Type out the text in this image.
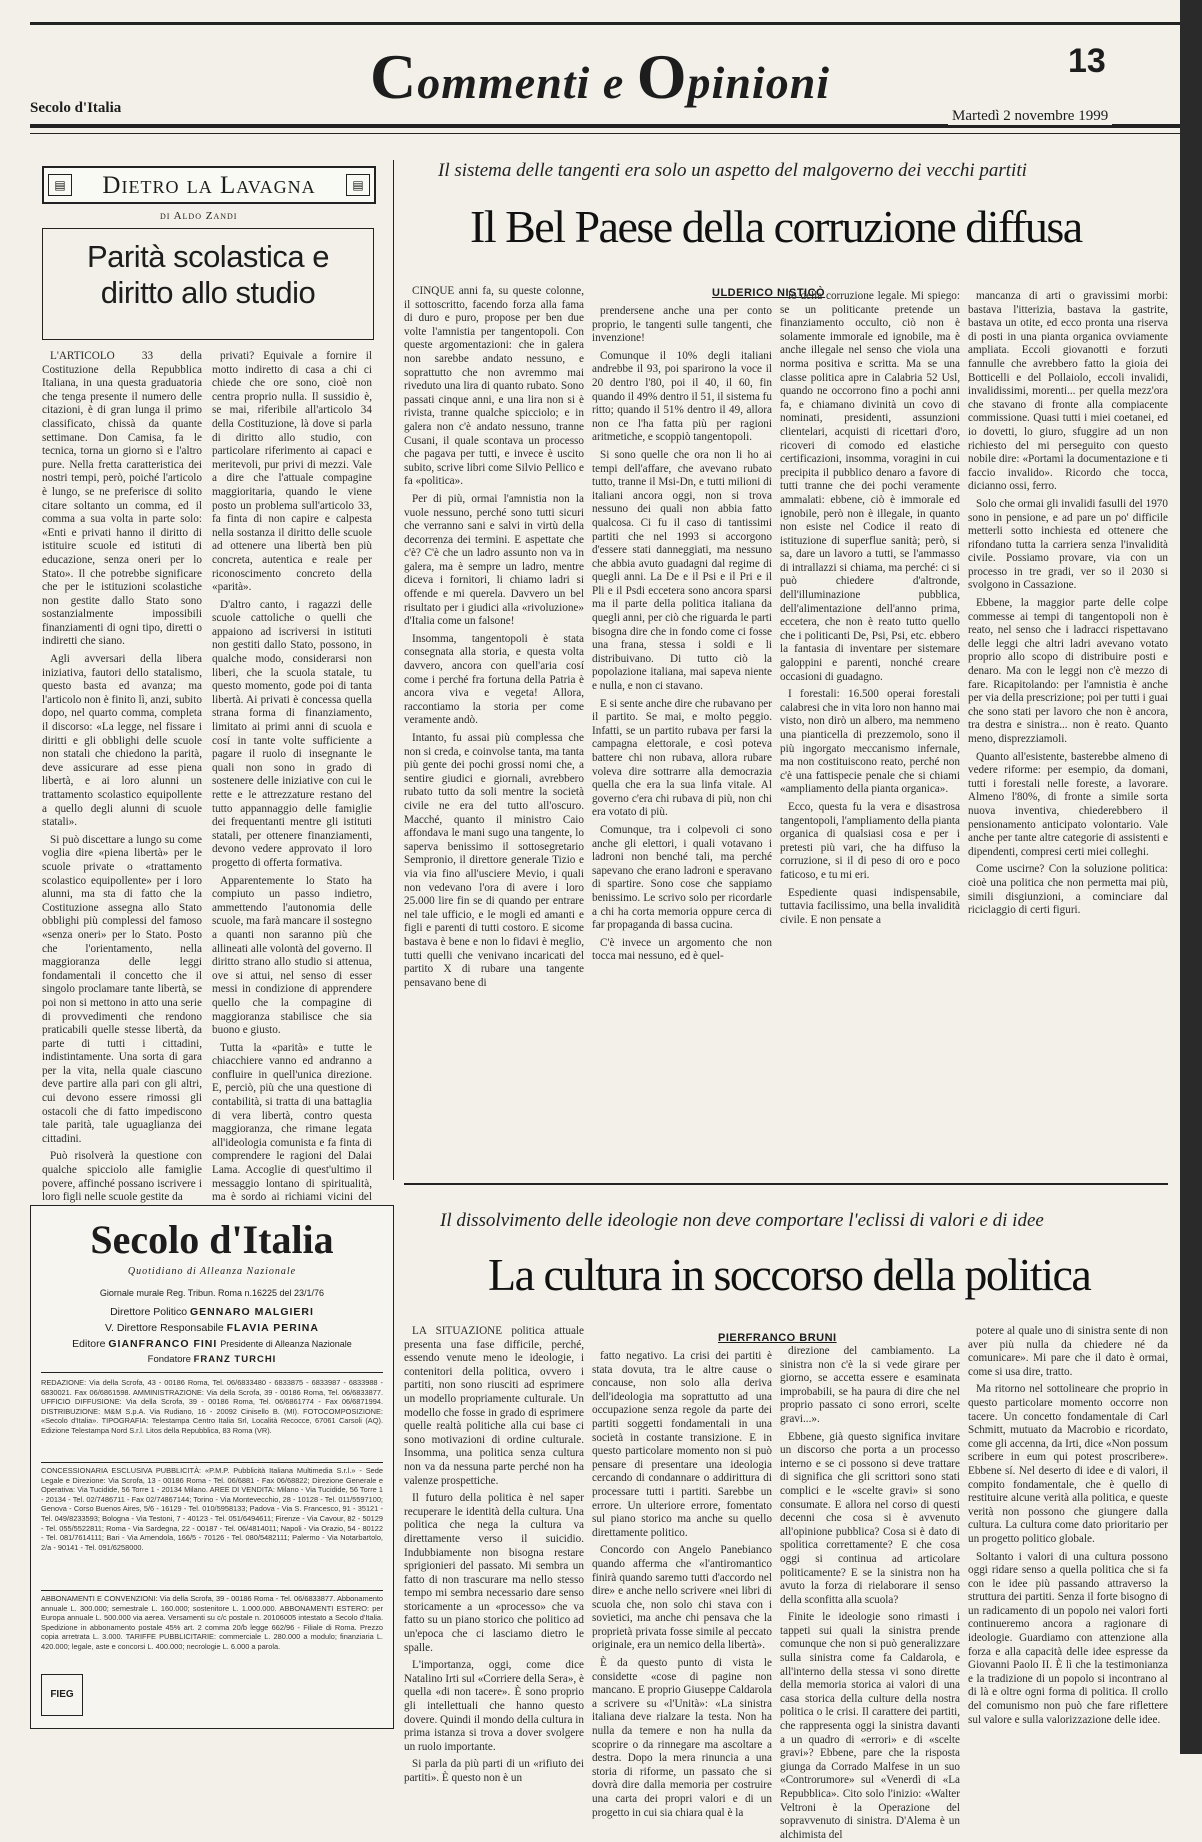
Secolo d'Italia	Commenti e Opinioni	13
Martedì 2 novembre 1999
▤	Dietro la Lavagna	▤
di Aldo Zandi
Parità scolastica e diritto allo studio

L'ARTICOLO 33 della Costituzione della Repubblica Italiana, in una questa graduatoria che tenga presente il numero delle citazioni, è di gran lunga il primo classificato, chissà da quante settimane. Don Camisa, fa le tecnica, torna un giorno sì e l'altro pure. Nella fretta caratteristica dei nostri tempi, però, poiché l'articolo è lungo, se ne preferisce di solito citare soltanto un comma, ed il comma a sua volta in parte solo: «Enti e privati hanno il diritto di istituire scuole ed istituti di educazione, senza oneri per lo Stato». Il che potrebbe significare che per le istituzioni scolastiche non gestite dallo Stato sono sostanzialmente impossibili finanziamenti di ogni tipo, diretti o indiretti che siano.

Agli avversari della libera iniziativa, fautori dello statalismo, questo basta ed avanza; ma l'articolo non è finito lì, anzi, subito dopo, nel quarto comma, completa il discorso: «La legge, nel fissare i diritti e gli obblighi delle scuole non statali che chiedono la parità, deve assicurare ad esse piena libertà, e ai loro alunni un trattamento scolastico equipollente a quello degli alunni di scuole statali».

Si può discettare a lungo su come voglia dire «piena libertà» per le scuole private o «trattamento scolastico equipollente» per i loro alunni, ma sta di fatto che la Costituzione assegna allo Stato obblighi più complessi del famoso «senza oneri» per lo Stato. Posto che l'orientamento, nella maggioranza delle leggi fondamentali il concetto che il singolo proclamare tante libertà, se poi non si mettono in atto una serie di provvedimenti che rendono praticabili quelle stesse libertà, da parte di tutti i cittadini, indistintamente. Una sorta di gara per la vita, nella quale ciascuno deve partire alla pari con gli altri, cui devono essere rimossi gli ostacoli che di fatto impediscono tale parità, tale uguaglianza dei cittadini.

Può risolverà la questione con qualche spicciolo alle famiglie povere, affinché possano iscrivere i loro figli nelle scuole gestite da

privati? Equivale a fornire il motto indiretto di casa a chi ci chiede che ore sono, cioè non centra proprio nulla. Il sussidio è, se mai, riferibile all'articolo 34 della Costituzione, là dove si parla di diritto allo studio, con particolare riferimento ai capaci e meritevoli, pur privi di mezzi. Vale a dire che l'attuale compagine maggioritaria, quando le viene posto un problema sull'articolo 33, fa finta di non capire e calpesta nella sostanza il diritto delle scuole ad ottenere una libertà ben più concreta, autentica e reale per riconoscimento concreto della «parità».

D'altro canto, i ragazzi delle scuole cattoliche o quelli che appaiono ad iscriversi in istituti non gestiti dallo Stato, possono, in qualche modo, considerarsi non liberi, che la scuola statale, tu questo momento, gode poi di tanta libertà. Ai privati è concessa quella strana forma di finanziamento, limitato ai primi anni di scuola e cosí in tante volte sufficiente a pagare il ruolo di insegnante le quali non sono in grado di sostenere delle iniziative con cui le rette e le attrezzature restano del tutto appannaggio delle famiglie dei frequentanti mentre gli istituti statali, per ottenere finanziamenti, devono vedere approvato il loro progetto di offerta formativa.

Apparentemente lo Stato ha compiuto un passo indietro, ammettendo l'autonomia delle scuole, ma farà mancare il sostegno a quanti non saranno più che allineati alle volontà del governo. Il diritto strano allo studio si attenua, ove si attui, nel senso di esser messi in condizione di apprendere quello che la compagine di maggioranza stabilisce che sia buono e giusto.

Tutta la «parità» e tutte le chiacchiere vanno ed andranno a confluire in quell'unica direzione. E, perciò, più che una questione di contabilità, si tratta di una battaglia di vera libertà, contro questa maggioranza, che rimane legata all'ideologia comunista e fa finta di comprendere le ragioni del Dalai Lama. Accoglie di quest'ultimo il messaggio lontano di spiritualità, ma è sordo ai richiami vicini del

Il sistema delle tangenti era solo un aspetto del malgoverno dei vecchi partiti
Il Bel Paese della corruzione diffusa
ULDERICO NISTICÒ

CINQUE anni fa, su queste colonne, il sottoscritto, facendo forza alla fama di duro e puro, propose per ben due volte l'amnistia per tangentopoli. Con queste argomentazioni: che in galera non sarebbe andato nessuno, e soprattutto che non avremmo mai riveduto una lira di quanto rubato. Sono passati cinque anni, e una lira non si è rivista, tranne qualche spicciolo; e in galera non c'è andato nessuno, tranne Cusani, il quale scontava un processo che pagava per tutti, e invece è uscito subito, scrive libri come Silvio Pellico e fa «politica».

Per di più, ormai l'amnistia non la vuole nessuno, perché sono tutti sicuri che verranno sani e salvi in virtù della decorrenza dei termini. E aspettate che c'è? C'è che un ladro assunto non va in galera, ma è sempre un ladro, mentre diceva i fornitori, li chiamo ladri si offende e mi querela. Davvero un bel risultato per i giudici alla «rivoluzione» d'Italia come un falsone!

Insomma, tangentopoli è stata consegnata alla storia, e questa volta davvero, ancora con quell'aria cosí come i perché fra fortuna della Patria è ancora viva e vegeta! Allora, raccontiamo la storia per come veramente andò.

Intanto, fu assai più complessa che non si creda, e coinvolse tanta, ma tanta più gente dei pochi grossi nomi che, a sentire giudici e giornali, avrebbero rubato tutto da soli mentre la società civile ne era del tutto all'oscuro. Macché, quanto il ministro Caio affondava le mani sugo una tangente, lo saperva benissimo il sottosegretario Sempronio, il direttore generale Tizio e via via fino all'usciere Mevio, i quali non vedevano l'ora di avere i loro 25.000 lire fin se di quando per entrare nel tale ufficio, e le mogli ed amanti e figli e parenti di tutti costoro. E sicome bastava è bene e non lo fidavi è meglio, tutti quelli che venivano incaricati del partito X di rubare una tangente pensavano bene di

prendersene anche una per conto proprio, le tangenti sulle tangenti, che invenzione!

Comunque il 10% degli italiani andrebbe il 93, poi sparirono la voce il 20 dentro l'80, poi il 40, il 60, fin quando il 49% dentro il 51, il sistema fu ritto; quando il 51% dentro il 49, allora non ce l'ha fatta più per ragioni aritmetiche, e scoppiò tangentopoli.

Si sono quelle che ora non li ho ai tempi dell'affare, che avevano rubato tutto, tranne il Msi-Dn, e tutti milioni di italiani ancora oggi, non si trova nessuno dei quali non abbia fatto qualcosa. Ci fu il caso di tantissimi partiti che nel 1993 si accorgono d'essere stati danneggiati, ma nessuno che abbia avuto guadagni dal regime di quegli anni. La De e il Psi e il Pri e il Pli e il Psdi eccetera sono ancora sparsi ma il parte della politica italiana da quegli anni, per ciò che riguarda le parti bisogna dire che in fondo come ci fosse una frana, stessa i soldi e li distribuivano. Di tutto ciò la popolazione italiana, mai sapeva niente e nulla, e non ci stavano.

E si sente anche dire che rubavano per il partito. Se mai, e molto peggio. Infatti, se un partito rubava per farsi la campagna elettorale, e così poteva battere chi non rubava, allora rubare voleva dire sottrarre alla democrazia quella che era la sua linfa vitale. Al governo c'era chi rubava di più, non chi era votato di più.

Comunque, tra i colpevoli ci sono anche gli elettori, i quali votavano i ladroni non benché tali, ma perché sapevano che erano ladroni e speravano di spartire. Sono cose che sappiamo benissimo. Le scrivo solo per ricordarle a chi ha corta memoria oppure cerca di far propaganda di bassa cucina.

C'è invece un argomento che non tocca mai nessuno, ed è quel-

lo della corruzione legale. Mi spiego: se un politicante pretende un finanziamento occulto, ciò non è solamente immorale ed ignobile, ma è anche illegale nel senso che viola una norma positiva e scritta. Ma se una classe politica apre in Calabria 52 Usl, quando ne occorrono fino a pochi anni fa, e chiamano divinità un covo di nominati, presidenti, assunzioni clientelari, acquisti di ricettari d'oro, ricoveri di comodo ed elastiche certificazioni, insomma, voragini in cui precipita il pubblico denaro a favore di tutti tranne che dei pochi veramente ammalati: ebbene, ciò è immorale ed ignobile, però non è illegale, in quanto non esiste nel Codice il reato di istituzione di superflue sanità; però, si sa, dare un lavoro a tutti, se l'ammasso di intrallazzi si chiama, ma perché: ci si può chiedere d'altronde, dell'illuminazione pubblica, dell'alimentazione dell'anno prima, eccetera, che non è reato tutto quello che i politicanti De, Psi, Psi, etc. ebbero la fantasia di inventare per sistemare galoppini e parenti, nonché creare occasioni di guadagno.

I forestali: 16.500 operai forestali calabresi che in vita loro non hanno mai visto, non dirò un albero, ma nemmeno una pianticella di prezzemolo, sono il più ingorgato meccanismo infernale, ma non costituiscono reato, perché non c'è una fattispecie penale che si chiami «ampliamento della pianta organica».

Ecco, questa fu la vera e disastrosa tangentopoli, l'ampliamento della pianta organica di qualsiasi cosa e per i pretesti più vari, che ha diffuso la corruzione, si il di peso di oro e poco faticoso, e tu mi eri.

Espediente quasi indispensabile, tuttavia facilissimo, una bella invalidità civile. E non pensate a

mancanza di arti o gravissimi morbi: bastava l'itterizia, bastava la gastrite, bastava un otite, ed ecco pronta una riserva di posti in una pianta organica ovviamente ampliata. Eccoli giovanotti e forzuti fannulle che avrebbero fatto la gioia dei Botticelli e del Pollaiolo, eccoli invalidi, invalidissimi, morenti... per quella mezz'ora che stavano di fronte alla compiacente commissione. Quasi tutti i miei coetanei, ed io dovetti, lo giuro, sfuggire ad un non richiesto del mi perseguito con questo nobile dire: «Portami la documentazione e ti faccio invalido». Ricordo che tocca, dicianno ossi, ferro.

Solo che ormai gli invalidi fasulli del 1970 sono in pensione, e ad pare un po' difficile metterli sotto inchiesta ed ottenere che rifondano tutta la carriera senza l'invalidità civile. Possiamo provare, via con un processo in tre gradi, ver so il 2030 si svolgono in Cassazione.

Ebbene, la maggior parte delle colpe commesse ai tempi di tangentopoli non è reato, nel senso che i ladracci rispettavano delle leggi che altri ladri avevano votato proprio allo scopo di distribuire posti e denaro. Ma con le leggi non c'è mezzo di fare. Ricapitolando: per l'amnistia è anche per via della prescrizione; poi per tutti i guai che sono stati per lavoro che non è ancora, tra destra e sinistra... non è reato. Quanto meno, disprezziamoli.

Quanto all'esistente, basterebbe almeno di vedere riforme: per esempio, da domani, tutti i forestali nelle foreste, a lavorare. Almeno l'80%, di fronte a simile sorta nuova inventiva, chiederebbero il pensionamento anticipato volontario. Vale anche per tante altre categorie di assistenti e dipendenti, compresi certi miei colleghi.

Come uscirne? Con la soluzione politica: cioè una politica che non permetta mai più, simili disgiunzioni, a cominciare dal riciclaggio di certi figuri.

Il dissolvimento delle ideologie non deve comportare l'eclissi di valori e di idee
La cultura in soccorso della politica
PIERFRANCO BRUNI

LA SITUAZIONE politica attuale presenta una fase difficile, perché, essendo venute meno le ideologie, i contenitori della politica, ovvero i partiti, non sono riusciti ad esprimere un modello propriamente culturale. Un modello che fosse in grado di esprimere quelle realtà politiche alla cui base ci sono motivazioni di ordine culturale. Insomma, una politica senza cultura non va da nessuna parte perché non ha valenze prospettiche.

Il futuro della politica è nel saper recuperare le identità della cultura. Una politica che nega la cultura va direttamente verso il suicidio. Indubbiamente non bisogna restare sprigionieri del passato. Mi sembra un fatto di non trascurare ma nello stesso tempo mi sembra necessario dare senso storicamente a un «processo» che va fatto su un piano storico che politico ad un'epoca che ci lasciamo dietro le spalle.

L'importanza, oggi, come dice Natalino Irti sul «Corriere della Sera», è quella «di non tacere». È sono proprio gli intellettuali che hanno questo dovere. Quindi il mondo della cultura in prima istanza si trova a dover svolgere un ruolo importante.

Si parla da più parti di un «rifiuto dei partiti». È questo non è un

fatto negativo. La crisi dei partiti è stata dovuta, tra le altre cause o concause, non solo alla deriva dell'ideologia ma soprattutto ad una occupazione senza regole da parte dei partiti soggetti fondamentali in una società in costante transizione. E in questo particolare momento non si può pensare di presentare una ideologia cercando di condannare o addirittura di processare tutti i partiti. Sarebbe un errore. Un ulteriore errore, fomentato sul piano storico ma anche su quello direttamente politico.

Concordo con Angelo Panebianco quando afferma che «l'antiromantico finirà quando saremo tutti d'accordo nel dire» e anche nello scrivere «nei libri di scuola che, non solo chi stava con i sovietici, ma anche chi pensava che la proprietà privata fosse simile al peccato originale, era un nemico della libertà».

È da questo punto di vista le considette «cose di pagine non mancano. E proprio Giuseppe Caldarola a scrivere su «l'Unità»: «La sinistra italiana deve rialzare la testa. Non ha nulla da temere e non ha nulla da scoprire o da rinnegare ma ascoltare a destra. Dopo la mera rinuncia a una storia di riforme, un passato che si dovrà dire dalla memoria per costruire una carta dei propri valori e di un progetto in cui sia chiara qual è la

direzione del cambiamento. La sinistra non c'è la si vede girare per giorno, se accetta essere e esaminata improbabili, se ha paura di dire che nel proprio passato ci sono errori, scelte gravi...».

Ebbene, già questo significa invitare un discorso che porta a un processo interno e se ci possono si deve trattare di significa che gli scrittori sono stati complici e le «scelte gravi» si sono consumate. E allora nel corso di questi decenni che cosa si è avvenuto all'opinione pubblica? Cosa si è dato di spolitica correttamente? E che cosa oggi si continua ad articolare politicamente? E se la sinistra non ha avuto la forza di rielaborare il senso della sconfitta alla scuola?

Finite le ideologie sono rimasti i tappeti sui quali la sinistra prende comunque che non si può generalizzare sulla sinistra come fa Caldarola, e all'interno della stessa vi sono dirette della memoria storica ai valori di una casa storica della culture della nostra politica o le crisi. Il carattere dei partiti, che rappresenta oggi la sinistra davanti a un quadro di «errori» e di «scelte gravi»? Ebbene, pare che la risposta giunga da Corrado Malfese in un suo «Controrumore» sul «Venerdì di «La Repubblica». Cito solo l'inizio: «Walter Veltroni è la Operazione del sopravvenuto di sinistra. D'Alema è un alchimista del

potere al quale uno di sinistra sente di non aver più nulla da chiedere né da comunicare». Mi pare che il dato è ormai, come si usa dire, tratto.

Ma ritorno nel sottolineare che proprio in questo particolare momento occorre non tacere. Un concetto fondamentale di Carl Schmitt, mutuato da Macrobio e ricordato, come gli accenna, da Irti, dice «Non possum scribere in eum qui potest proscribere». Ebbene sí. Nel deserto di idee e di valori, il compito fondamentale, che è quello di restituire alcune verità alla politica, e queste verità non possono che giungere dalla cultura. La cultura come dato prioritario per un progetto politico globale.

Soltanto i valori di una cultura possono oggi ridare senso a quella politica che si fa con le idee più passando attraverso la struttura dei partiti. Senza il forte bisogno di un radicamento di un popolo nei valori forti continueremo ancora a ragionare di ideologie. Guardiamo con attenzione alla forza e alla capacità delle idee espresse da Giovanni Paolo II. È lì che la testimonianza e la tradizione di un popolo si incontrano al di là e oltre ogni forma di politica. Il crollo del comunismo non può che fare riflettere sul valore e sulla valorizzazione delle idee.

Secolo d'Italia
Quotidiano di Alleanza Nazionale
Giornale murale Reg. Tribun. Roma n.16225 del 23/1/76
Direttore Politico GENNARO MALGIERI
V. Direttore Responsabile FLAVIA PERINA
Editore GIANFRANCO FINI Presidente di Alleanza Nazionale
Fondatore FRANZ TURCHI
REDAZIONE: Via della Scrofa, 43 - 00186 Roma, Tel. 06/6833480 - 6833875 - 6833987 - 6833988 - 6830021. Fax 06/6861598. AMMINISTRAZIONE: Via della Scrofa, 39 - 00186 Roma, Tel. 06/6833877. UFFICIO DIFFUSIONE: Via della Scrofa, 39 - 00186 Roma, Tel. 06/6861774 - Fax 06/6871994. DISTRIBUZIONE: M&M S.p.A. Via Rudiano, 16 - 20092 Cinisello B. (MI). FOTOCOMPOSIZIONE: «Secolo d'Italia». TIPOGRAFIA: Telestampa Centro Italia Srl, Località Recocce, 67061 Carsoli (AQ). Edizione Telestampa Nord S.r.l. Litos della Repubblica, 83 Roma (VR).
CONCESSIONARIA ESCLUSIVA PUBBLICITÀ: «P.M.P. Pubblicità Italiana Multimedia S.r.l.» - Sede Legale e Direzione: Via Scrofa, 13 - 00186 Roma - Tel. 06/6881 - Fax 06/68822; Direzione Generale e Operativa: Via Tucidide, 56 Torre 1 - 20134 Milano. AREE DI VENDITA: Milano - Via Tucidide, 56 Torre 1 - 20134 - Tel. 02/7486711 - Fax 02/74867144; Torino - Via Montevecchio, 28 - 10128 - Tel. 011/5597100; Genova - Corso Buenos Aires, 5/6 - 16129 - Tel. 010/5958133; Padova - Via S. Francesco, 91 - 35121 - Tel. 049/8233593; Bologna - Via Testoni, 7 - 40123 - Tel. 051/6494611; Firenze - Via Cavour, 82 - 50129 - Tel. 055/5522811; Roma - Via Sardegna, 22 - 00187 - Tel. 06/4814011; Napoli - Via Orazio, 54 - 80122 - Tel. 081/7614111; Bari - Via Amendola, 166/5 - 70126 - Tel. 080/5482111; Palermo - Via Notarbartolo, 2/a - 90141 - Tel. 091/6258000.
ABBONAMENTI E CONVENZIONI: Via della Scrofa, 39 - 00186 Roma - Tel. 06/6833877. Abbonamento annuale L. 300.000; semestrale L. 160.000; sostenitore L. 1.000.000. ABBONAMENTI ESTERO: per Europa annuale L. 500.000 via aerea. Versamenti su c/c postale n. 20106005 intestato a Secolo d'Italia. Spedizione in abbonamento postale 45% art. 2 comma 20/b legge 662/96 - Filiale di Roma. Prezzo copia arretrata L. 3.000. TARIFFE PUBBLICITARIE: commerciale L. 280.000 a modulo; finanziaria L. 420.000; legale, aste e concorsi L. 400.000; necrologie L. 6.000 a parola.
FIEG
